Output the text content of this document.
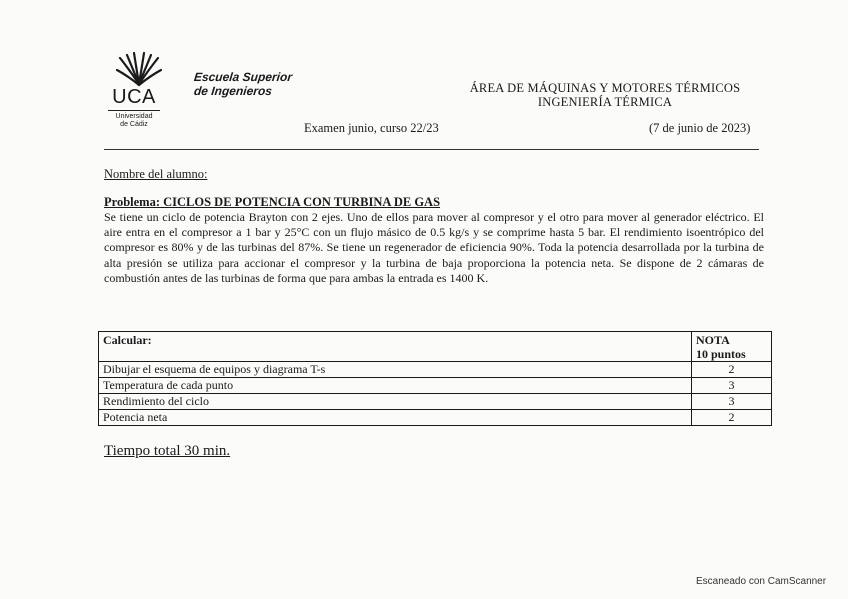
UCA
Universidad
de Cádiz
Escuela Superior
de Ingenieros	ÁREA DE MÁQUINAS Y MOTORES TÉRMICOS
INGENIERÍA TÉRMICA
Examen junio, curso 22/23	(7 de junio de 2023)
Nombre del alumno:
Problema: CICLOS DE POTENCIA CON TURBINA DE GAS
Se tiene un ciclo de potencia Brayton con 2 ejes. Uno de ellos para mover al compresor y el otro para mover al generador eléctrico. El aire entra en el compresor a 1 bar y 25°C con un flujo másico de 0.5 kg/s y se comprime hasta 5 bar. El rendimiento isoentrópico del compresor es 80% y de las turbinas del 87%. Se tiene un regenerador de eficiencia 90%. Toda la potencia desarrollada por la turbina de alta presión se utiliza para accionar el compresor y la turbina de baja proporciona la potencia neta. Se dispone de 2 cámaras de combustión antes de las turbinas de forma que para ambas la entrada es 1400 K.
Calcular:	NOTA
10 puntos

Dibujar el esquema de equipos y diagrama T-s	2
Temperatura de cada punto	3
Rendimiento del ciclo	3
Potencia neta	2
Tiempo total 30 min.
Escaneado con CamScanner
